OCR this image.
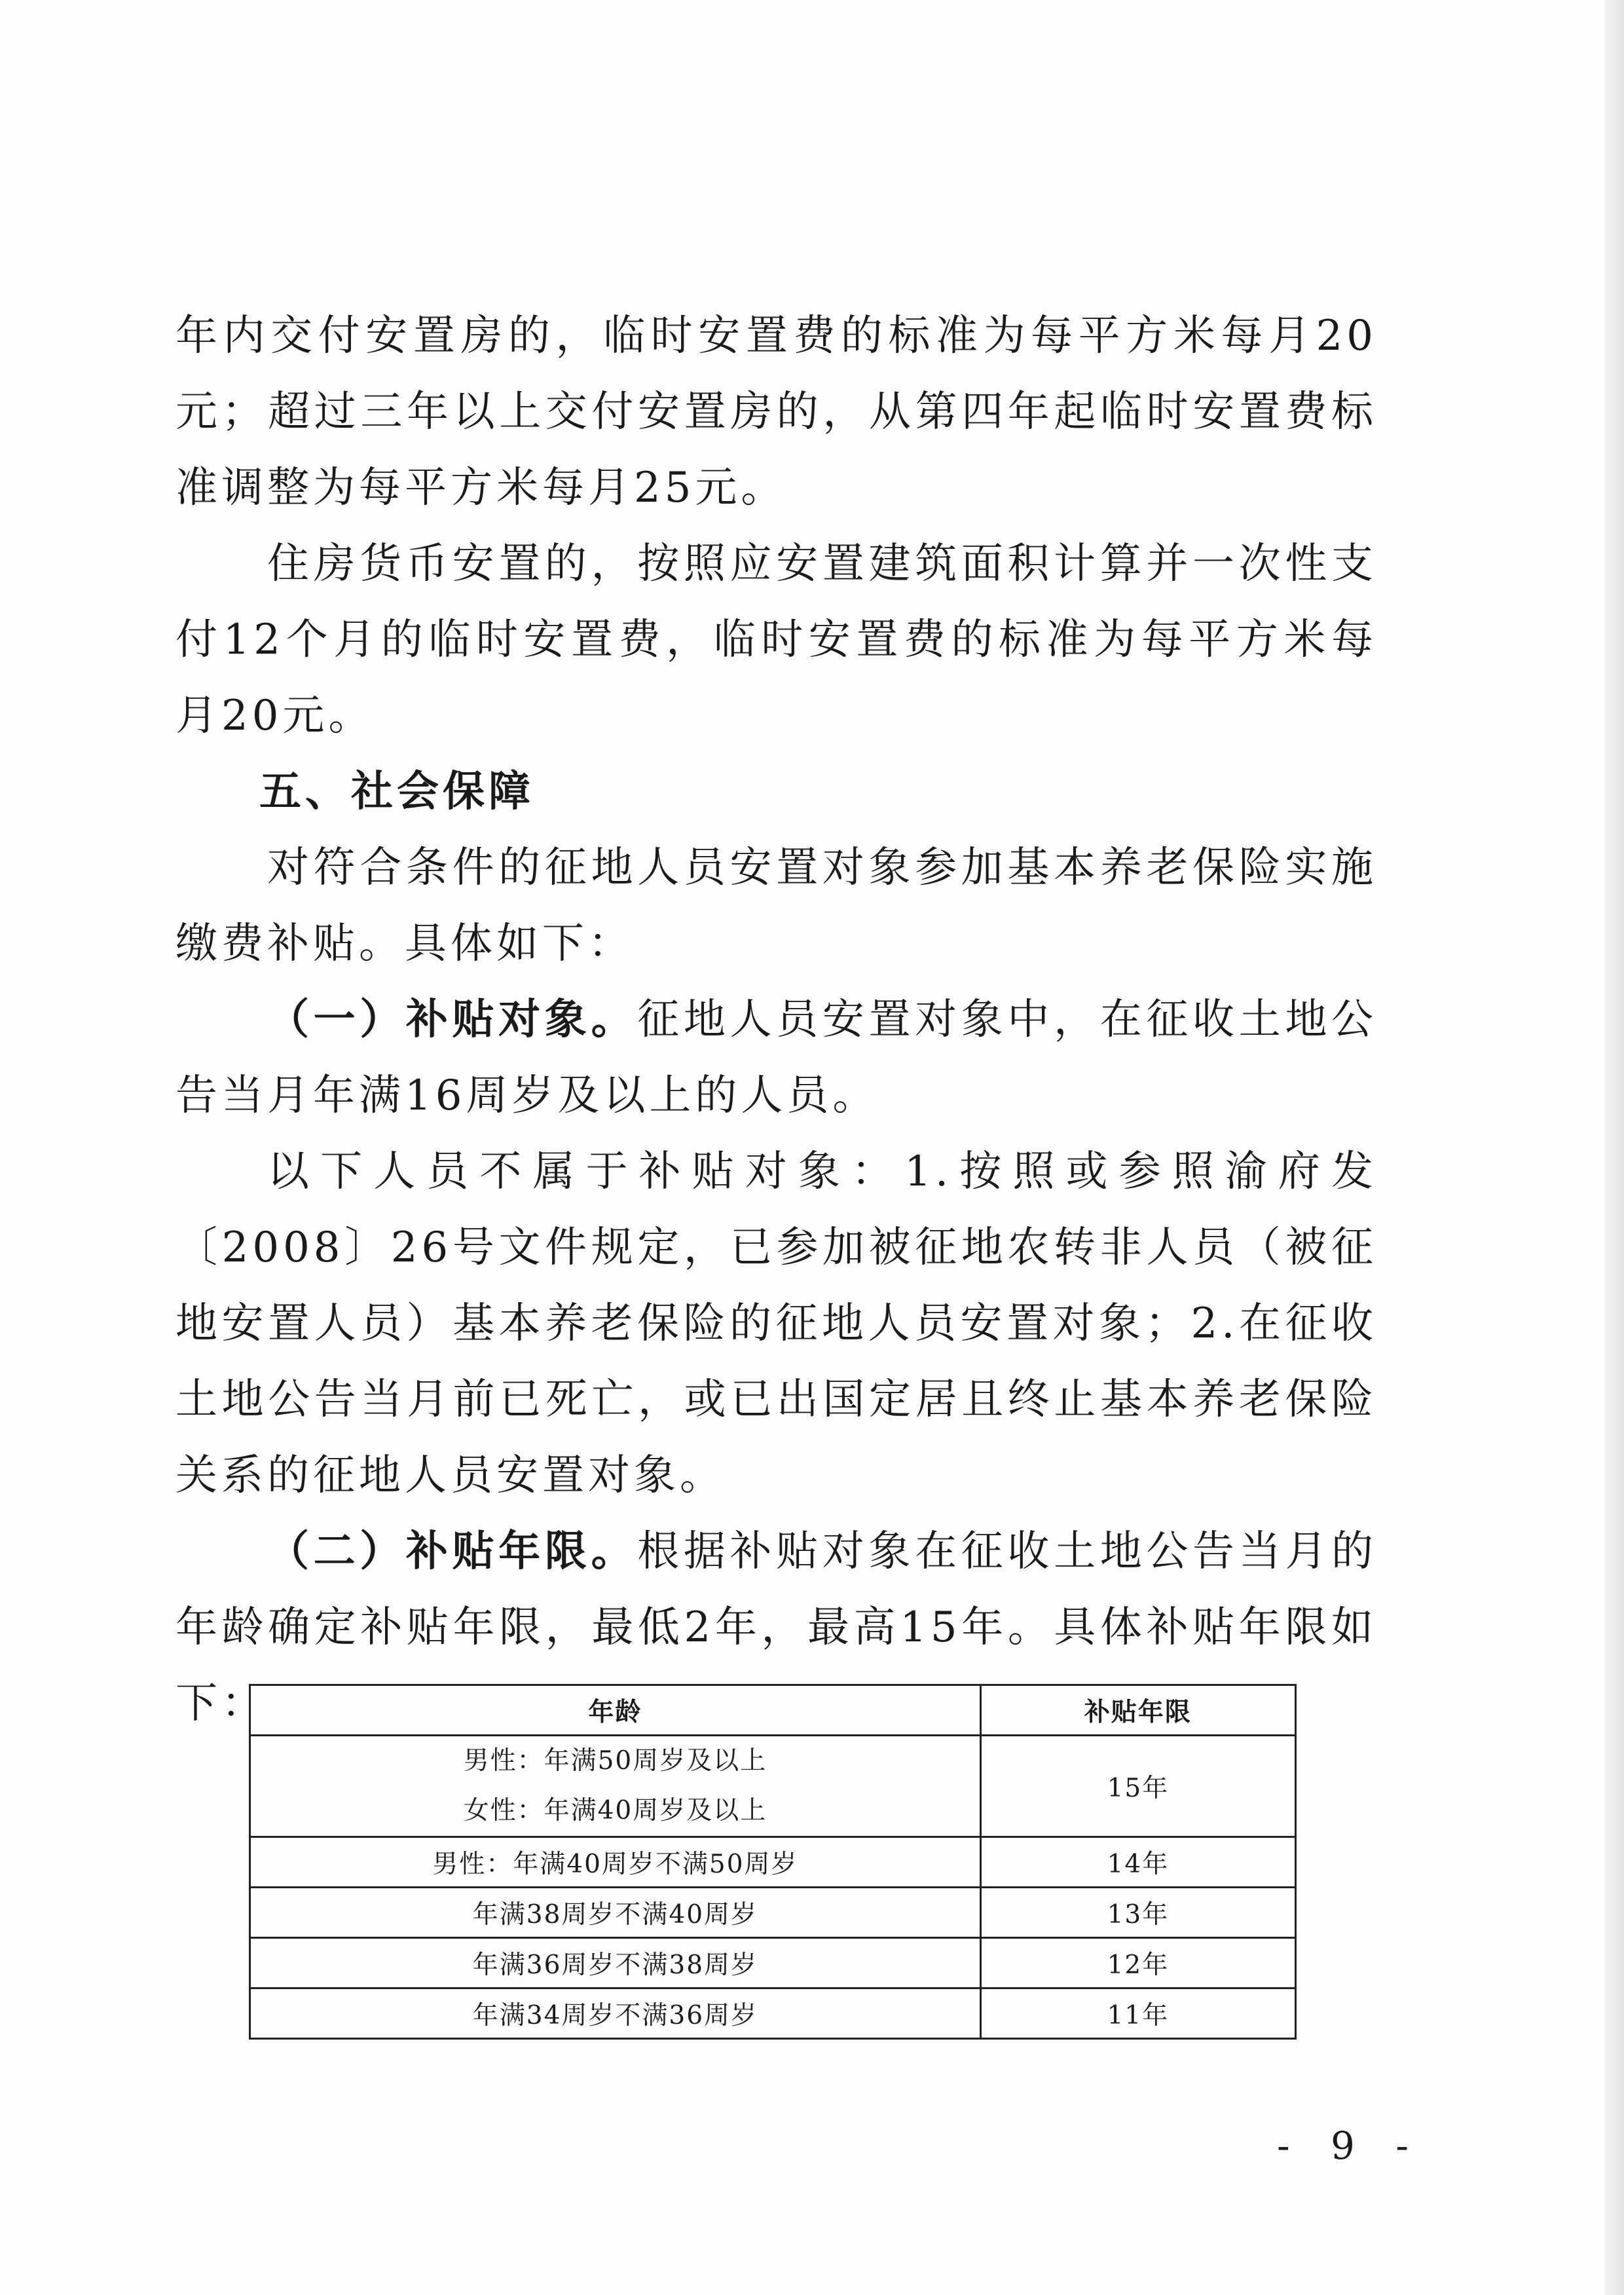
年内交付安置房的，临时安置费的标准为每平方米每月20元；超过三年以上交付安置房的，从第四年起临时安置费标准调整为每平方米每月25元。

住房货币安置的，按照应安置建筑面积计算并一次性支付12个月的临时安置费，临时安置费的标准为每平方米每月20元。

五、社会保障

对符合条件的征地人员安置对象参加基本养老保险实施缴费补贴。具体如下：

（一）补贴对象。征地人员安置对象中，在征收土地公告当月年满16周岁及以上的人员。

以下人员不属于补贴对象：1.按照或参照渝府发〔2008〕26号文件规定，已参加被征地农转非人员（被征地安置人员）基本养老保险的征地人员安置对象；2.在征收土地公告当月前已死亡，或已出国定居且终止基本养老保险关系的征地人员安置对象。

（二）补贴年限。根据补贴对象在征收土地公告当月的年龄确定补贴年限，最低2年，最高15年。具体补贴年限如下：	年龄	补贴年限

男性：年满50周岁及以上
女性：年满40周岁及以上	15年
男性：年满40周岁不满50周岁	14年
年满38周岁不满40周岁	13年
年满36周岁不满38周岁	12年
年满34周岁不满36周岁	11年
- 9 -
